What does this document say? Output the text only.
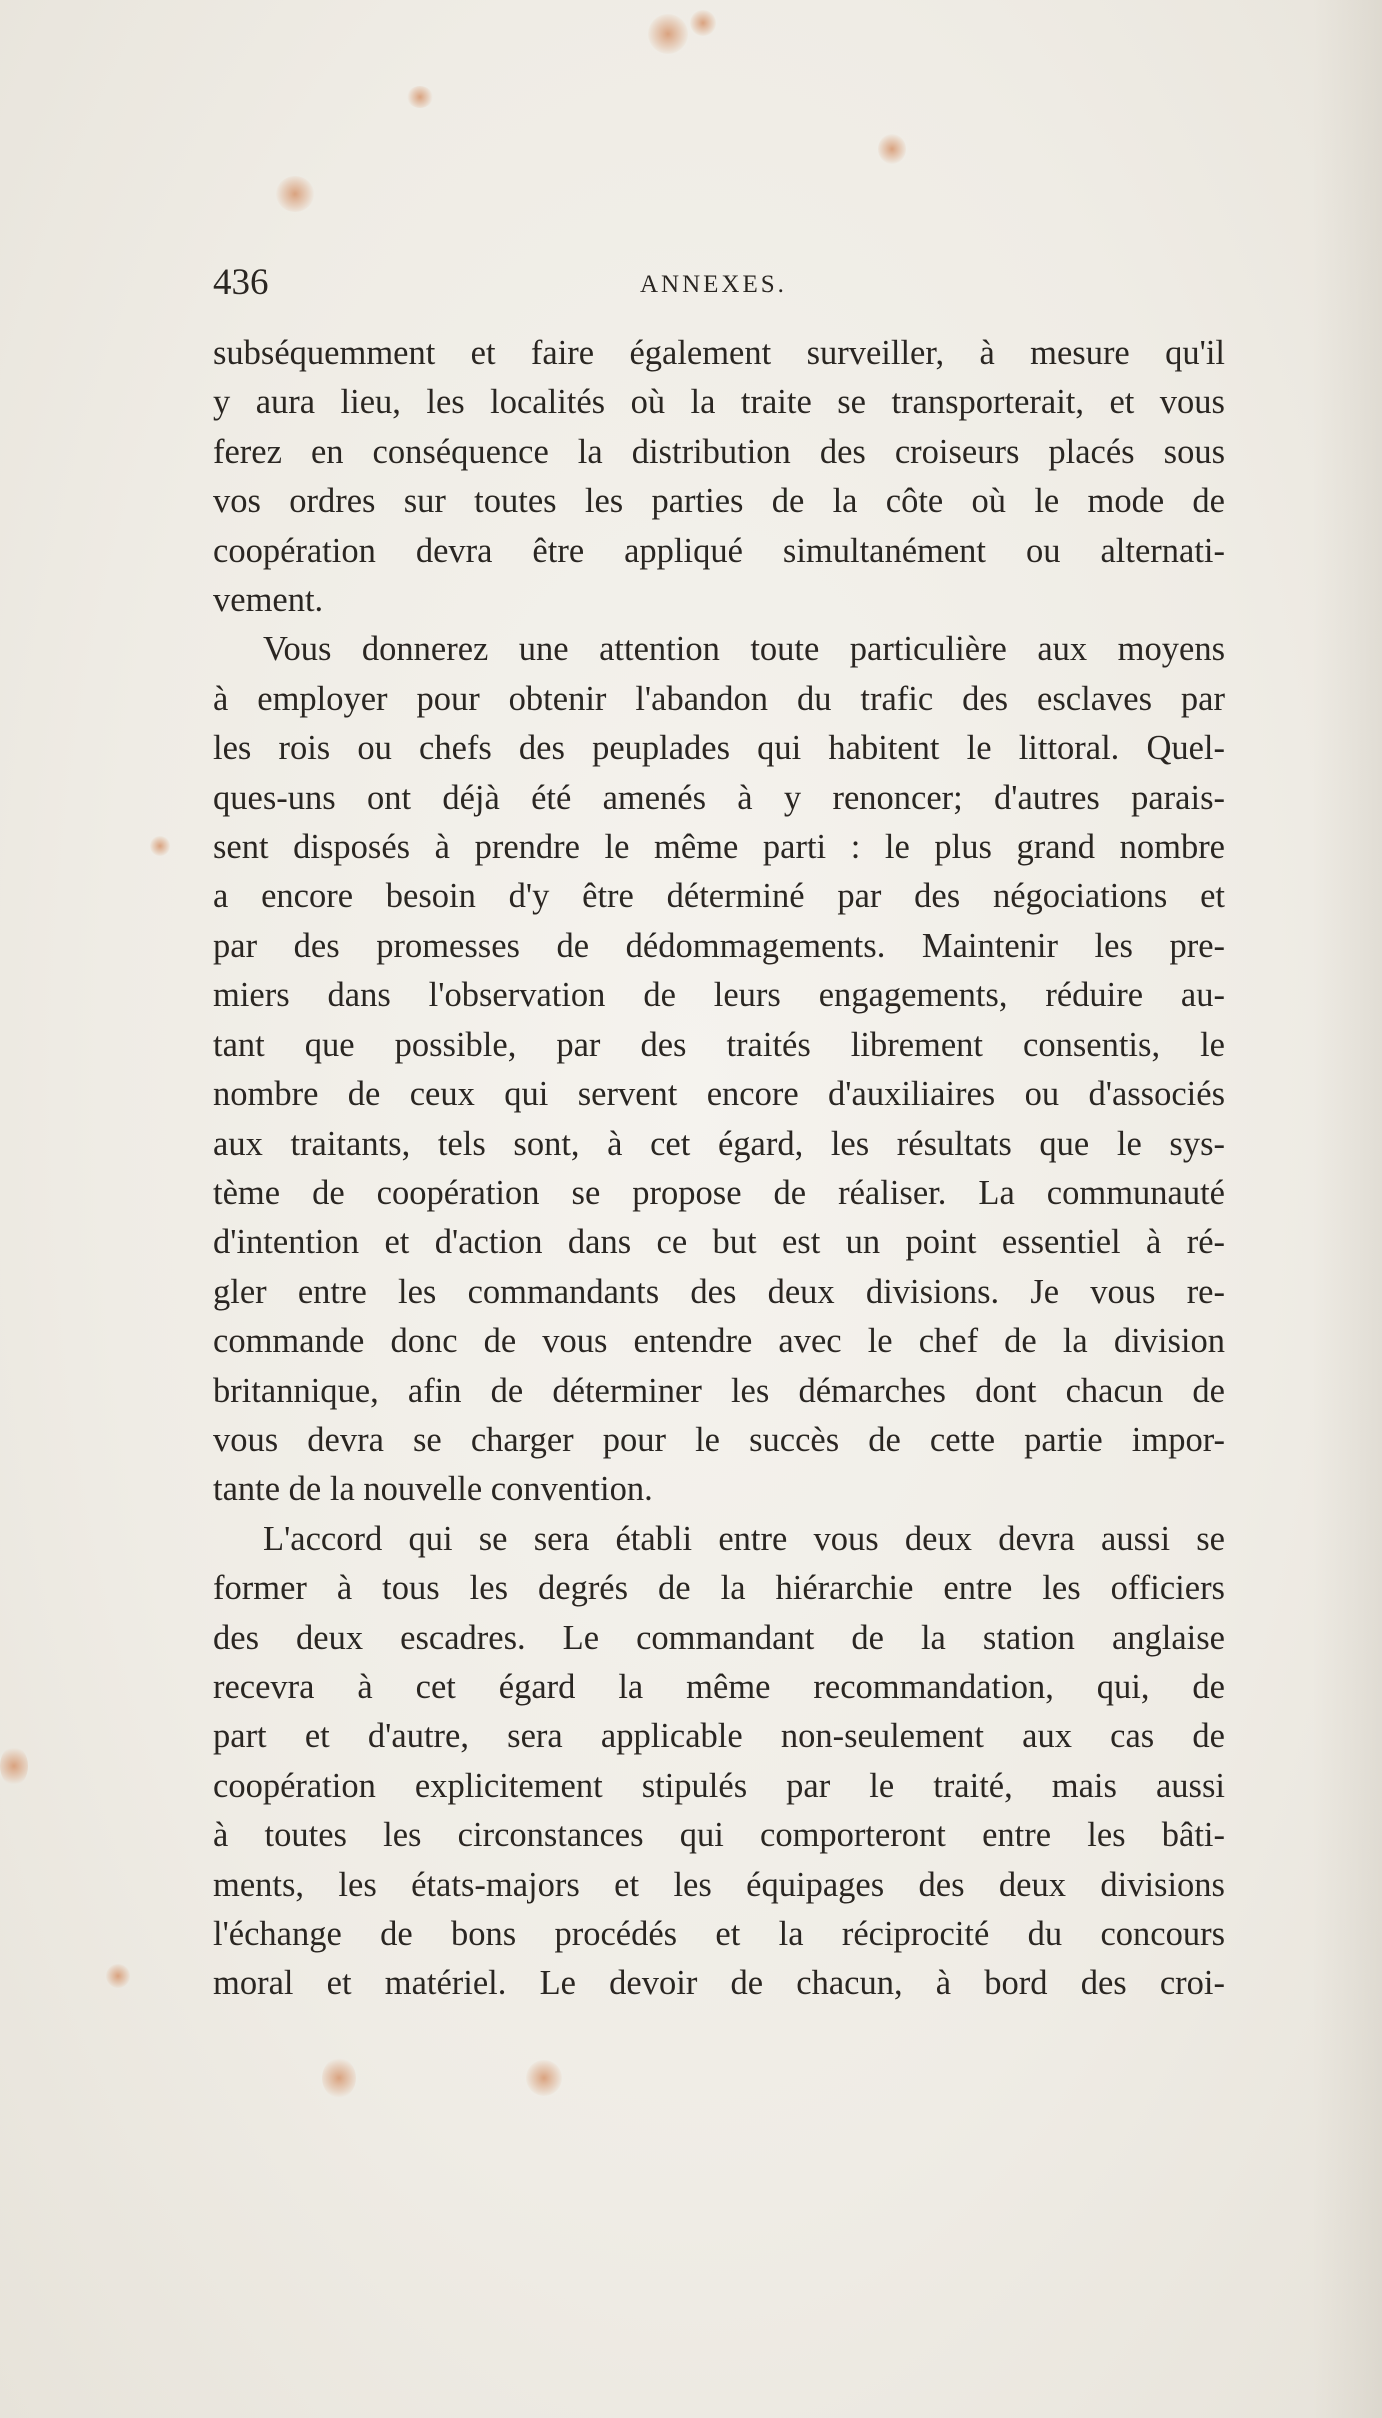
436	ANNEXES.
subséquemment et faire également surveiller, à mesure qu'il
y aura lieu, les localités où la traite se transporterait, et vous
ferez en conséquence la distribution des croiseurs placés sous
vos ordres sur toutes les parties de la côte où le mode de
coopération devra être appliqué simultanément ou alternati-
vement.
Vous donnerez une attention toute particulière aux moyens
à employer pour obtenir l'abandon du trafic des esclaves par
les rois ou chefs des peuplades qui habitent le littoral. Quel-
ques-uns ont déjà été amenés à y renoncer; d'autres parais-
sent disposés à prendre le même parti : le plus grand nombre
a encore besoin d'y être déterminé par des négociations et
par des promesses de dédommagements. Maintenir les pre-
miers dans l'observation de leurs engagements, réduire au-
tant que possible, par des traités librement consentis, le
nombre de ceux qui servent encore d'auxiliaires ou d'associés
aux traitants, tels sont, à cet égard, les résultats que le sys-
tème de coopération se propose de réaliser. La communauté
d'intention et d'action dans ce but est un point essentiel à ré-
gler entre les commandants des deux divisions. Je vous re-
commande donc de vous entendre avec le chef de la division
britannique, afin de déterminer les démarches dont chacun de
vous devra se charger pour le succès de cette partie impor-
tante de la nouvelle convention.
L'accord qui se sera établi entre vous deux devra aussi se
former à tous les degrés de la hiérarchie entre les officiers
des deux escadres. Le commandant de la station anglaise
recevra à cet égard la même recommandation, qui, de
part et d'autre, sera applicable non-seulement aux cas de
coopération explicitement stipulés par le traité, mais aussi
à toutes les circonstances qui comporteront entre les bâti-
ments, les états-majors et les équipages des deux divisions
l'échange de bons procédés et la réciprocité du concours
moral et matériel. Le devoir de chacun, à bord des croi-
